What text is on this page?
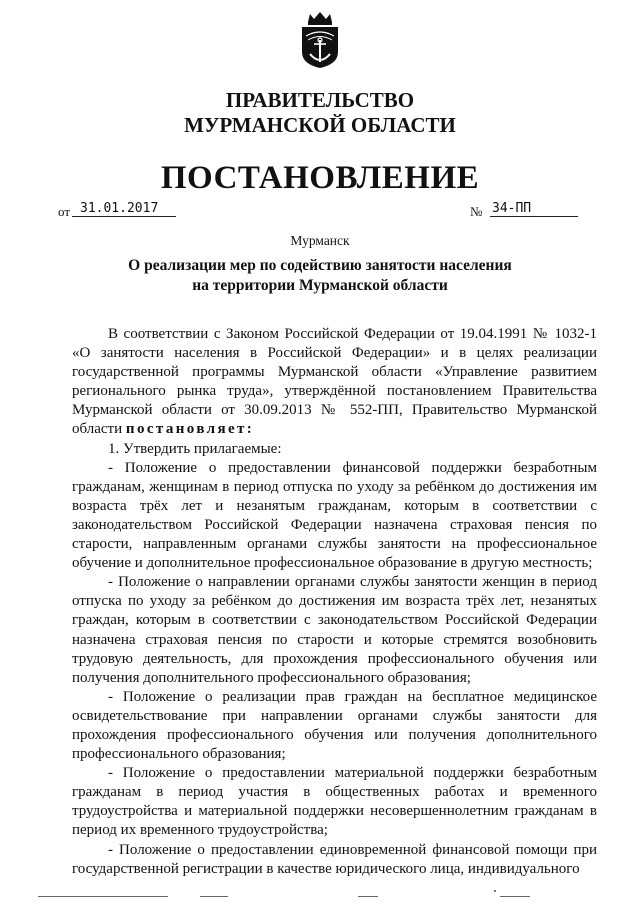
ПРАВИТЕЛЬСТВО
МУРМАНСКОЙ ОБЛАСТИ
ПОСТАНОВЛЕНИЕ
от 31.01.2017	№ 34-ПП
Мурманск
О реализации мер по содействию занятости населения
на территории Мурманской области

В соответствии с Законом Российской Федерации от 19.04.1991 № 1032-1 «О занятости населения в Российской Федерации» и в целях реализации государственной программы Мурманской области «Управление развитием регионального рынка труда», утверждённой постановлением Правительства Мурманской области от 30.09.2013 № 552-ПП, Правительство Мурманской области постановляет:

1. Утвердить прилагаемые:

- Положение о предоставлении финансовой поддержки безработным гражданам, женщинам в период отпуска по уходу за ребёнком до достижения им возраста трёх лет и незанятым гражданам, которым в соответствии с законодательством Российской Федерации назначена страховая пенсия по старости, направленным органами службы занятости на профессиональное обучение и дополнительное профессиональное образование в другую местность;

- Положение о направлении органами службы занятости женщин в период отпуска по уходу за ребёнком до достижения им возраста трёх лет, незанятых граждан, которым в соответствии с законодательством Российской Федерации назначена страховая пенсия по старости и которые стремятся возобновить трудовую деятельность, для прохождения профессионального обучения или получения дополнительного профессионального образования;

- Положение о реализации прав граждан на бесплатное медицинское освидетельствование при направлении органами службы занятости для прохождения профессионального обучения или получения дополнительного профессионального образования;

- Положение о предоставлении материальной поддержки безработным гражданам в период участия в общественных работах и временного трудоустройства и материальной поддержки несовершеннолетним гражданам в период их временного трудоустройства;

- Положение о предоставлении единовременной финансовой помощи при государственной регистрации в качестве юридического лица, индивидуального
